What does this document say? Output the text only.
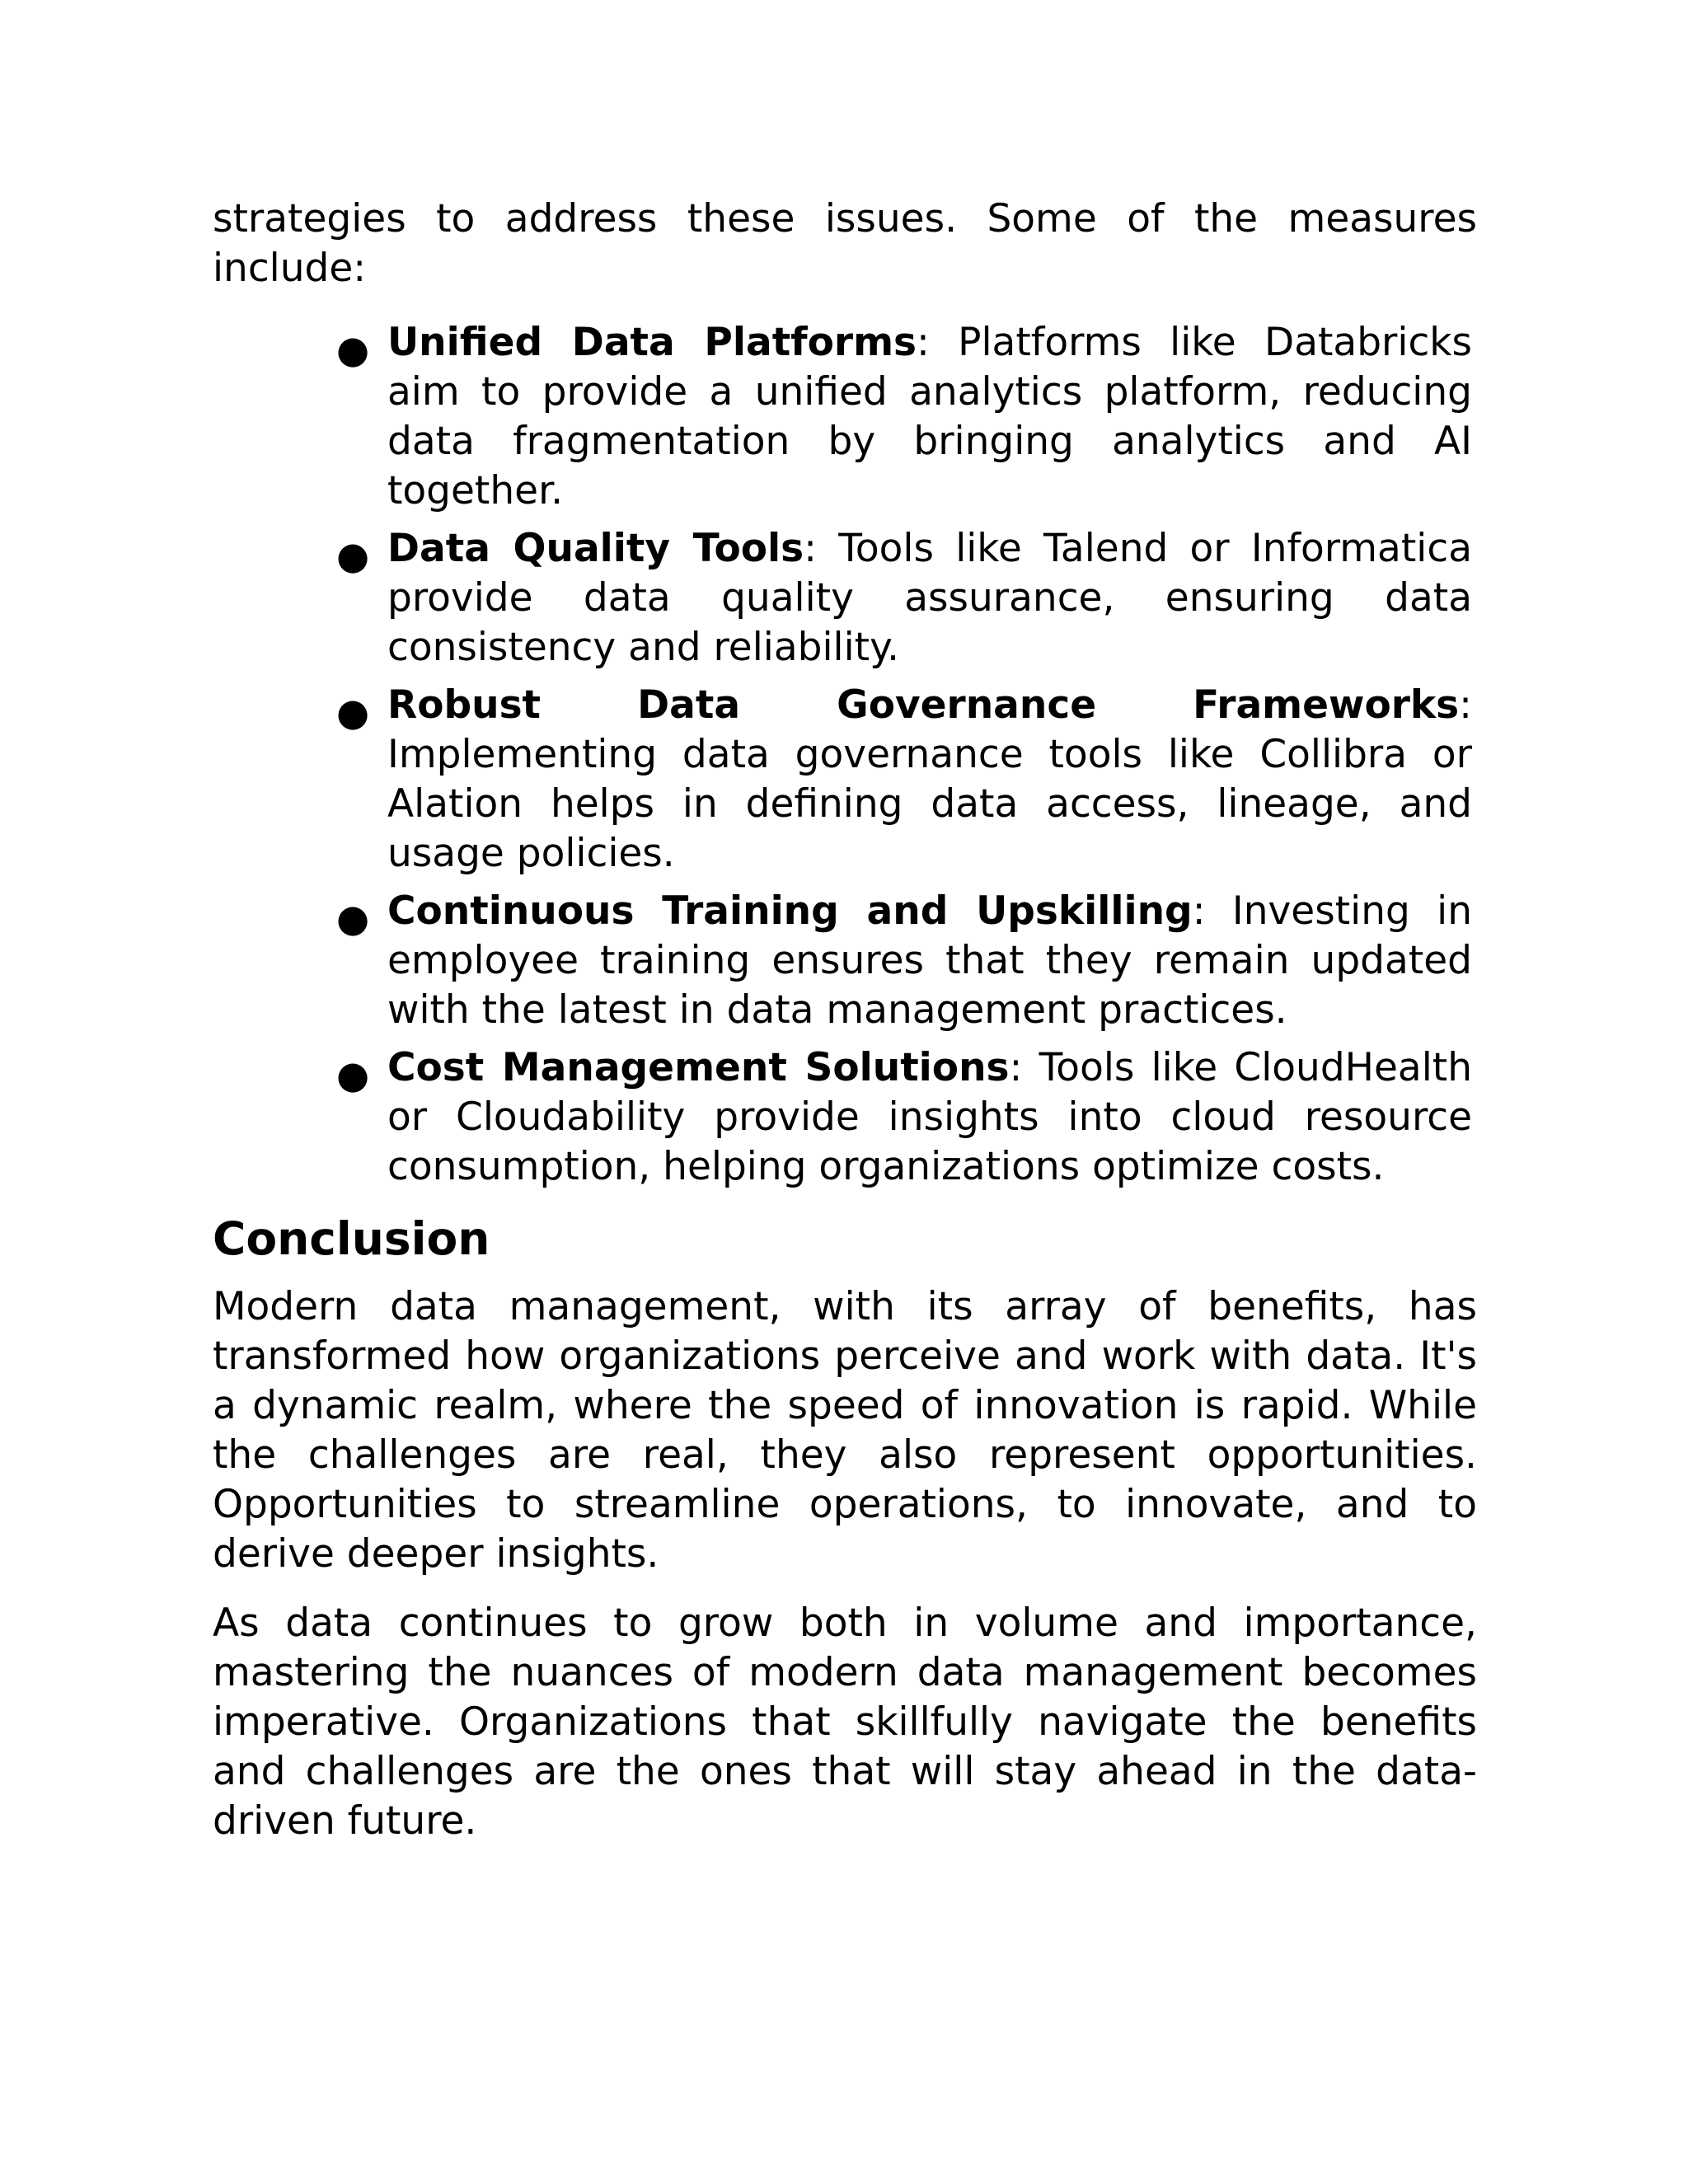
strategies to address these issues. Some of the measures include:

● Unified Data Platforms: Platforms like Databricks aim to provide a unified analytics platform, reducing data fragmentation by bringing analytics and AI together.
● Data Quality Tools: Tools like Talend or Informatica provide data quality assurance, ensuring data consistency and reliability.
● Robust Data Governance Frameworks: Implementing data governance tools like Collibra or Alation helps in defining data access, lineage, and usage policies.
● Continuous Training and Upskilling: Investing in employee training ensures that they remain updated with the latest in data management practices.
● Cost Management Solutions: Tools like CloudHealth or Cloudability provide insights into cloud resource consumption, helping organizations optimize costs.
Conclusion

Modern data management, with its array of benefits, has transformed how organizations perceive and work with data. It's a dynamic realm, where the speed of innovation is rapid. While the challenges are real, they also represent opportunities. Opportunities to streamline operations, to innovate, and to derive deeper insights.

As data continues to grow both in volume and importance, mastering the nuances of modern data management becomes imperative. Organizations that skillfully navigate the benefits and challenges are the ones that will stay ahead in the data-driven future.
